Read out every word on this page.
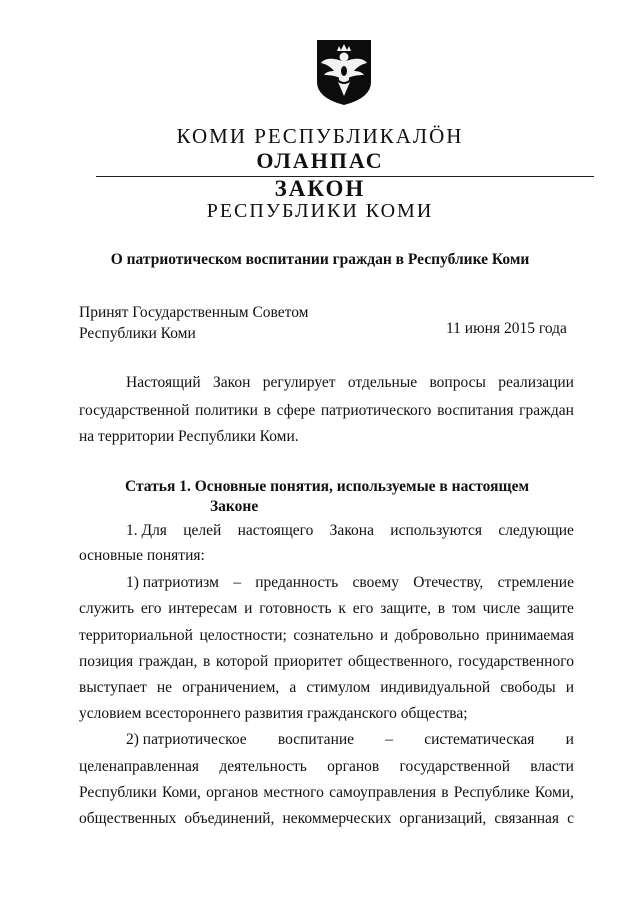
КОМИ РЕСПУБЛИКАЛӦН
ОЛАНПАС
ЗАКОН
РЕСПУБЛИКИ КОМИ
О патриотическом воспитании граждан в Республике Коми
Принят Государственным Советом
Республики Коми	11 июня 2015 года
Настоящий Закон регулирует отдельные вопросы реализации
государственной политики в сфере патриотического воспитания граждан
на территории Республики Коми.
Статья 1. Основные понятия, используемые в настоящем
Законе
1. Для целей настоящего Закона используются следующие
основные понятия:
1) патриотизм – преданность своему Отечеству, стремление
служить его интересам и готовность к его защите, в том числе защите
территориальной целостности; сознательно и добровольно принимаемая
позиция граждан, в которой приоритет общественного, государственного
выступает не ограничением, а стимулом индивидуальной свободы и
условием всестороннего развития гражданского общества;
2) патриотическое воспитание – систематическая и
целенаправленная деятельность органов государственной власти
Республики Коми, органов местного самоуправления в Республике Коми,
общественных объединений, некоммерческих организаций, связанная с
